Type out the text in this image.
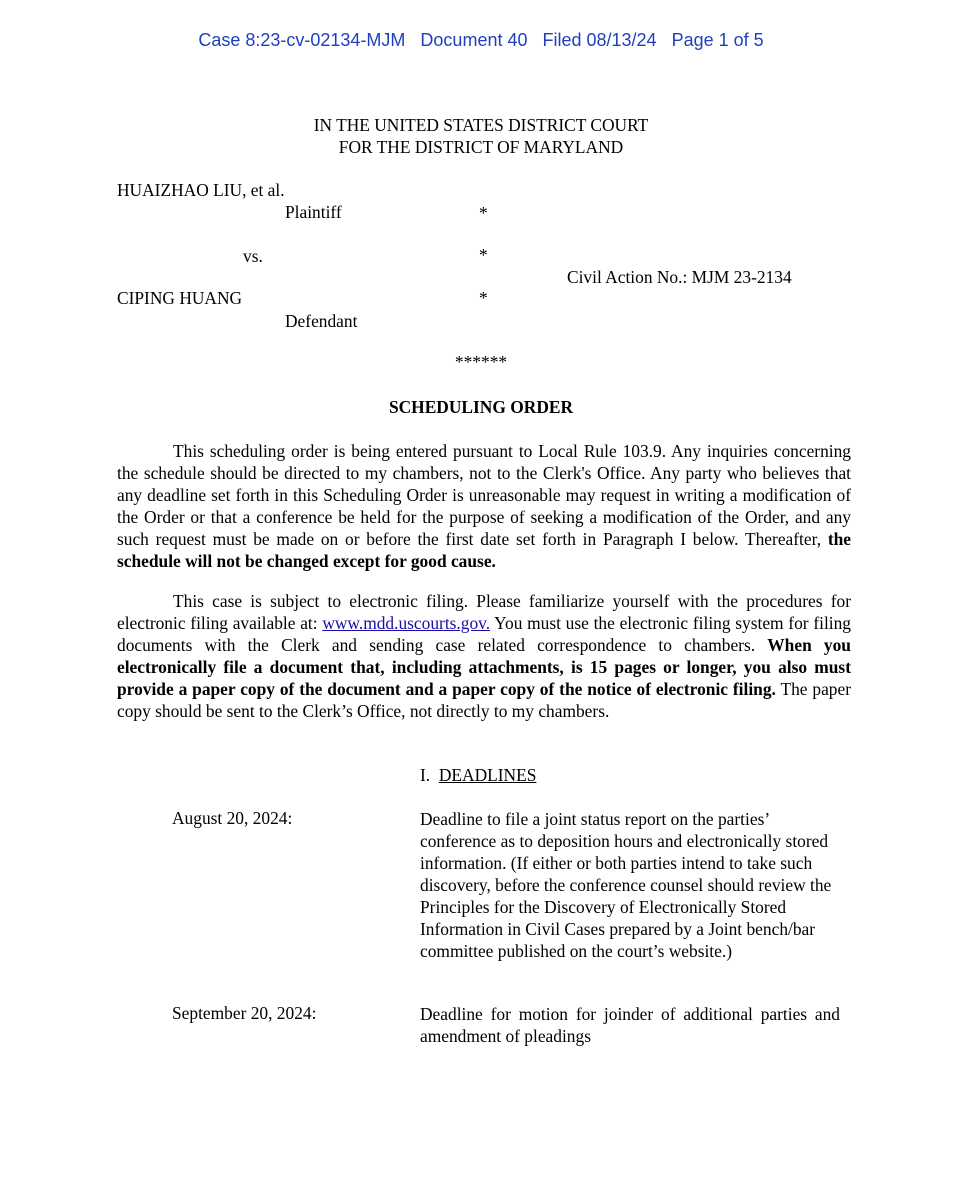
Case 8:23-cv-02134-MJM   Document 40   Filed 08/13/24   Page 1 of 5
IN THE UNITED STATES DISTRICT COURT
FOR THE DISTRICT OF MARYLAND
HUAIZHAO LIU, et al.
Plaintiff	*
vs.	*
Civil Action No.: MJM 23-2134
CIPING HUANG	*
Defendant
******
SCHEDULING ORDER
This scheduling order is being entered pursuant to Local Rule 103.9. Any inquiries concerning the schedule should be directed to my chambers, not to the Clerk's Office. Any party who believes that any deadline set forth in this Scheduling Order is unreasonable may request in writing a modification of the Order or that a conference be held for the purpose of seeking a modification of the Order, and any such request must be made on or before the first date set forth in Paragraph I below. Thereafter, the schedule will not be changed except for good cause.
This case is subject to electronic filing. Please familiarize yourself with the procedures for electronic filing available at: www.mdd.uscourts.gov. You must use the electronic filing system for filing documents with the Clerk and sending case related correspondence to chambers. When you electronically file a document that, including attachments, is 15 pages or longer, you also must provide a paper copy of the document and a paper copy of the notice of electronic filing. The paper copy should be sent to the Clerk’s Office, not directly to my chambers.
I. DEADLINES
August 20, 2024:	Deadline to file a joint status report on the parties’ conference as to deposition hours and electronically stored information. (If either or both parties intend to take such discovery, before the conference counsel should review the Principles for the Discovery of Electronically Stored Information in Civil Cases prepared by a Joint bench/bar committee published on the court’s website.)
September 20, 2024:	Deadline for motion for joinder of additional parties and amendment of pleadings
